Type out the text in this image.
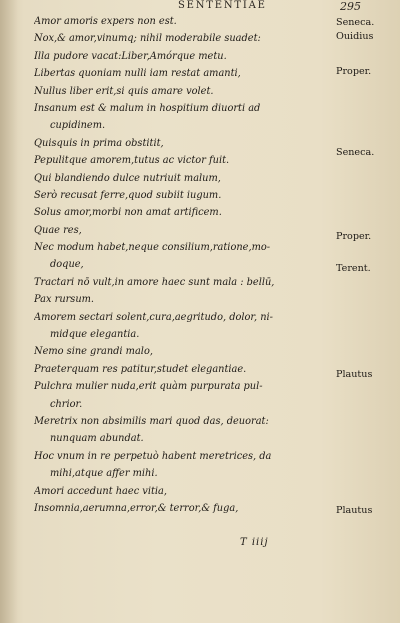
SENTENTIAE	295
Amor amoris expers non est.
Nox,& amor,vinumq; nihil moderabile suadet:
Illa pudore vacat:Liber,Amórque metu.
Libertas quoniam nulli iam restat amanti,
Nullus liber erit,si quis amare volet.
Insanum est & malum in hospitium diuorti ad
cupidinem.
Quisquis in prima obstitit,
Pepulitque amorem,tutus ac victor fuit.
Qui blandiendo dulce nutriuit malum,
Serò recusat ferre,quod subiit iugum.
Solus amor,morbi non amat artificem.
Quae res,
Nec modum habet,neque consilium,ratione,mo-
doque,
Tractari nō vult,in amore haec sunt mala : bellū,
Pax rursum.
Amorem sectari solent,cura,aegritudo, dolor, ni-
midque elegantia.
Nemo sine grandi malo,
Praeterquam res patitur,studet elegantiae.
Pulchra mulier nuda,erit quàm purpurata pul-
chrior.
Meretrix non absimilis mari quod das, deuorat:
nunquam abundat.
Hoc vnum in re perpetuò habent meretrices, da
mihi,atque affer mihi.
Amori accedunt haec vitia,
Insomnia,aerumna,error,& terror,& fuga,
Seneca.
Ouidius
Proper.
Seneca.
Proper.
Terent.
Plautus
Plautus
T iiij
